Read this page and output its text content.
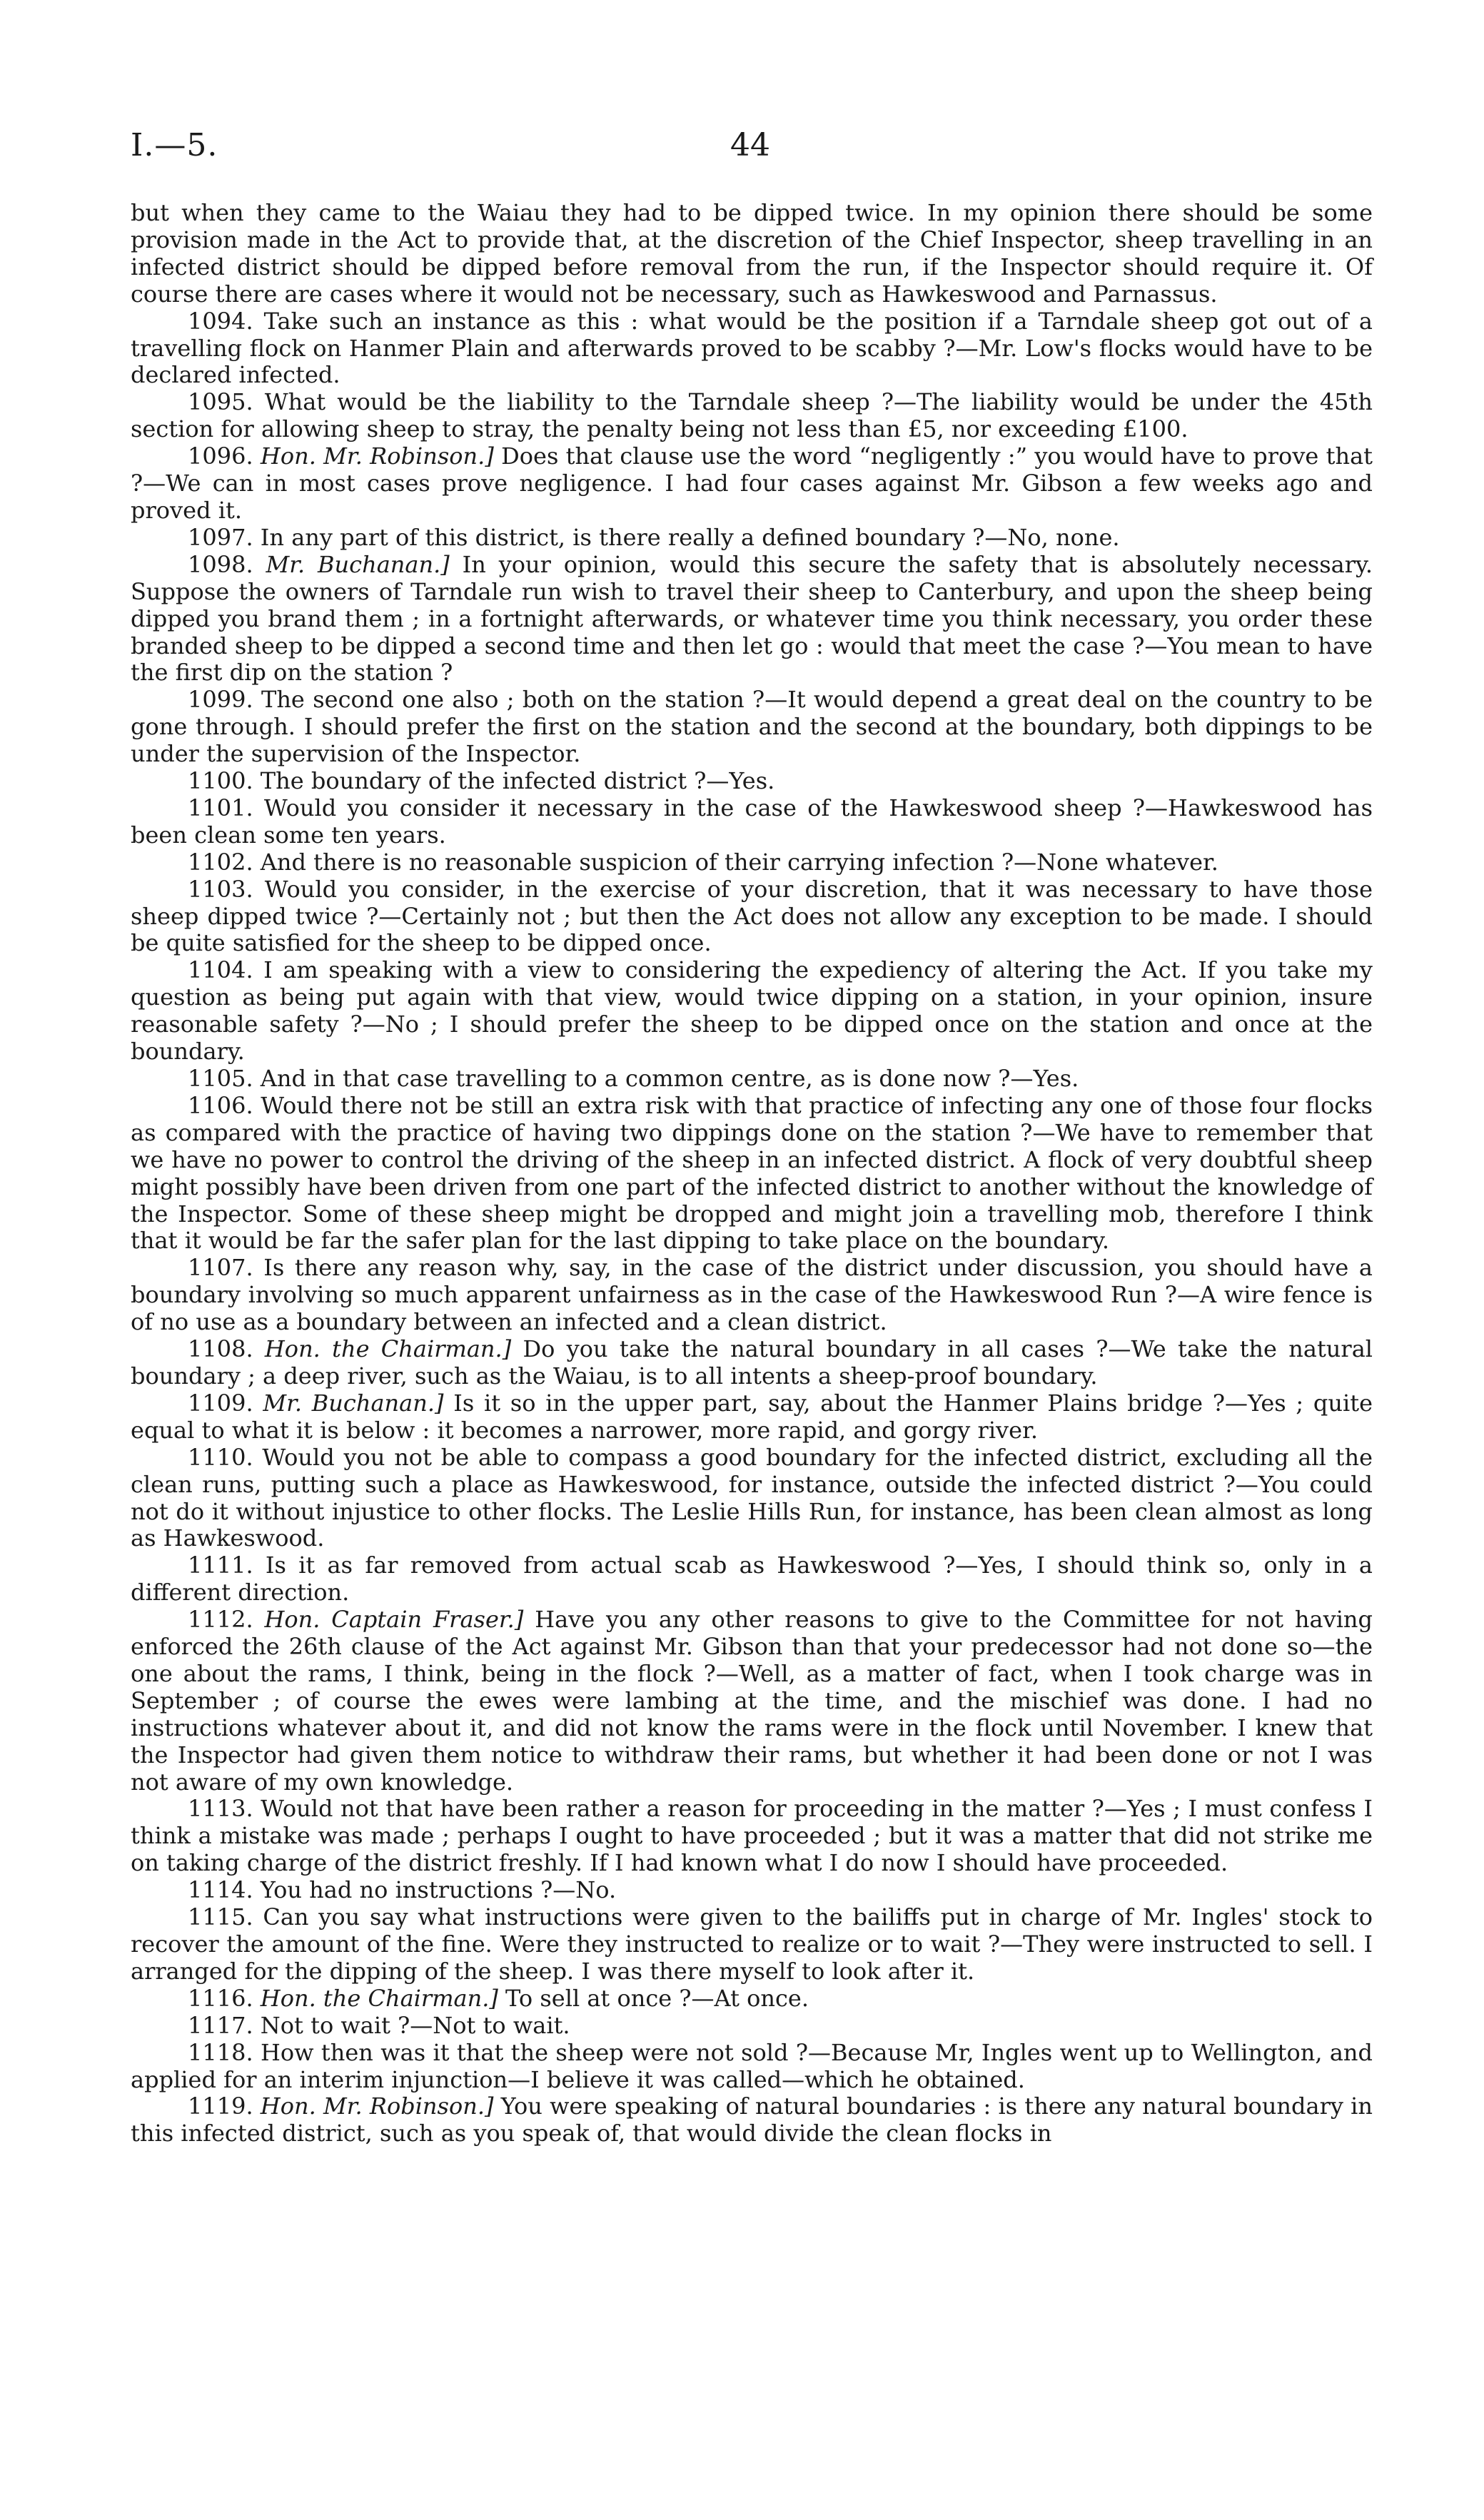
I.—5.	44

but when they came to the Waiau they had to be dipped twice. In my opinion there should be some provision made in the Act to provide that, at the discretion of the Chief Inspector, sheep travelling in an infected district should be dipped before removal from the run, if the Inspector should require it. Of course there are cases where it would not be necessary, such as Hawkeswood and Parnassus.

1094. Take such an instance as this : what would be the position if a Tarndale sheep got out of a travelling flock on Hanmer Plain and afterwards proved to be scabby ?—Mr. Low's flocks would have to be declared infected.

1095. What would be the liability to the Tarndale sheep ?—The liability would be under the 45th section for allowing sheep to stray, the penalty being not less than £5, nor exceeding £100.

1096. Hon. Mr. Robinson.] Does that clause use the word “negligently :” you would have to prove that ?—We can in most cases prove negligence. I had four cases against Mr. Gibson a few weeks ago and proved it.

1097. In any part of this district, is there really a defined boundary ?—No, none.

1098. Mr. Buchanan.] In your opinion, would this secure the safety that is absolutely necessary. Suppose the owners of Tarndale run wish to travel their sheep to Canterbury, and upon the sheep being dipped you brand them ; in a fortnight afterwards, or whatever time you think necessary, you order these branded sheep to be dipped a second time and then let go : would that meet the case ?—You mean to have the first dip on the station ?

1099. The second one also ; both on the station ?—It would depend a great deal on the country to be gone through. I should prefer the first on the station and the second at the boundary, both dippings to be under the supervision of the Inspector.

1100. The boundary of the infected district ?—Yes.

1101. Would you consider it necessary in the case of the Hawkeswood sheep ?—Hawkeswood has been clean some ten years.

1102. And there is no reasonable suspicion of their carrying infection ?—None whatever.

1103. Would you consider, in the exercise of your discretion, that it was necessary to have those sheep dipped twice ?—Certainly not ; but then the Act does not allow any exception to be made. I should be quite satisfied for the sheep to be dipped once.

1104. I am speaking with a view to considering the expediency of altering the Act. If you take my question as being put again with that view, would twice dipping on a station, in your opinion, insure reasonable safety ?—No ; I should prefer the sheep to be dipped once on the station and once at the boundary.

1105. And in that case travelling to a common centre, as is done now ?—Yes.

1106. Would there not be still an extra risk with that practice of infecting any one of those four flocks as compared with the practice of having two dippings done on the station ?—We have to remember that we have no power to control the driving of the sheep in an infected district. A flock of very doubtful sheep might possibly have been driven from one part of the infected district to another without the knowledge of the Inspector. Some of these sheep might be dropped and might join a travelling mob, therefore I think that it would be far the safer plan for the last dipping to take place on the boundary.

1107. Is there any reason why, say, in the case of the district under discussion, you should have a boundary involving so much apparent unfairness as in the case of the Hawkeswood Run ?—A wire fence is of no use as a boundary between an infected and a clean district.

1108. Hon. the Chairman.] Do you take the natural boundary in all cases ?—We take the natural boundary ; a deep river, such as the Waiau, is to all intents a sheep-proof boundary.

1109. Mr. Buchanan.] Is it so in the upper part, say, about the Hanmer Plains bridge ?—Yes ; quite equal to what it is below : it becomes a narrower, more rapid, and gorgy river.

1110. Would you not be able to compass a good boundary for the infected district, excluding all the clean runs, putting such a place as Hawkeswood, for instance, outside the infected district ?—You could not do it without injustice to other flocks. The Leslie Hills Run, for instance, has been clean almost as long as Hawkeswood.

1111. Is it as far removed from actual scab as Hawkeswood ?—Yes, I should think so, only in a different direction.

1112. Hon. Captain Fraser.] Have you any other reasons to give to the Committee for not having enforced the 26th clause of the Act against Mr. Gibson than that your predecessor had not done so—the one about the rams, I think, being in the flock ?—Well, as a matter of fact, when I took charge was in September ; of course the ewes were lambing at the time, and the mischief was done. I had no instructions whatever about it, and did not know the rams were in the flock until November. I knew that the Inspector had given them notice to withdraw their rams, but whether it had been done or not I was not aware of my own knowledge.

1113. Would not that have been rather a reason for proceeding in the matter ?—Yes ; I must confess I think a mistake was made ; perhaps I ought to have proceeded ; but it was a matter that did not strike me on taking charge of the district freshly. If I had known what I do now I should have proceeded.

1114. You had no instructions ?—No.

1115. Can you say what instructions were given to the bailiffs put in charge of Mr. Ingles' stock to recover the amount of the fine. Were they instructed to realize or to wait ?—They were instructed to sell. I arranged for the dipping of the sheep. I was there myself to look after it.

1116. Hon. the Chairman.] To sell at once ?—At once.

1117. Not to wait ?—Not to wait.

1118. How then was it that the sheep were not sold ?—Because Mr, Ingles went up to Wellington, and applied for an interim injunction—I believe it was called—which he obtained.

1119. Hon. Mr. Robinson.] You were speaking of natural boundaries : is there any natural boundary in this infected district, such as you speak of, that would divide the clean flocks in
